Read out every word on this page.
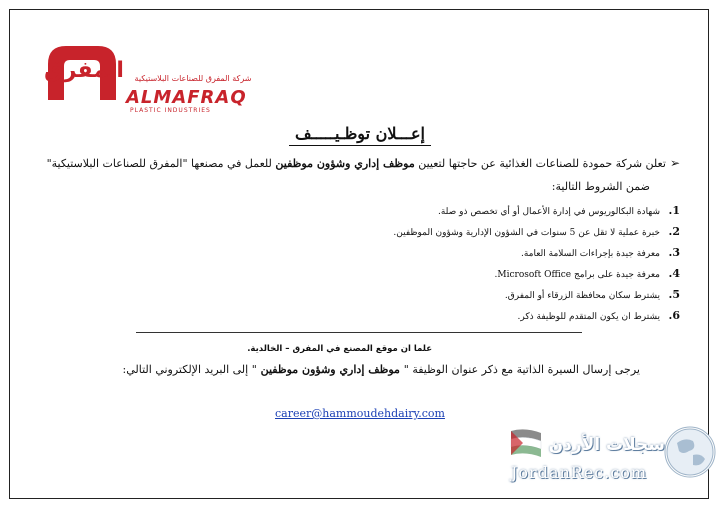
المفرق	شركة المفرق للصناعات البلاستيكية
ALMAFRAQ
PLASTIC INDUSTRIES
إعـــلان توظـيـــــف
➢تعلن شركة حمودة للصناعات الغذائية عن حاجتها لتعيين موظف إداري وشؤون موظفين للعمل في مصنعها "المفرق للصناعات البلاستيكية"
ضمن الشروط التالية:
1.شهادة البكالوريوس في إدارة الأعمال أو أي تخصص ذو صلة.
2.خبرة عملية لا تقل عن 5 سنوات في الشؤون الإدارية وشؤون الموظفين.
3.معرفة جيدة بإجراءات السلامة العامة.
4.معرفة جيدة على برامج Microsoft Office.
5.يشترط سكان محافظة الزرقاء أو المفرق.
6.يشترط ان يكون المتقدم للوظيفة ذكر.
علما ان موقع المصنع في المفرق – الخالدية.
يرجى إرسال السيرة الذاتية مع ذكر عنوان الوظيفة " موظف إداري وشؤون موظفين " إلى البريد الإلكتروني التالي:
career@hammoudehdairy.com
سجلات الأردن
JordanRec.com
